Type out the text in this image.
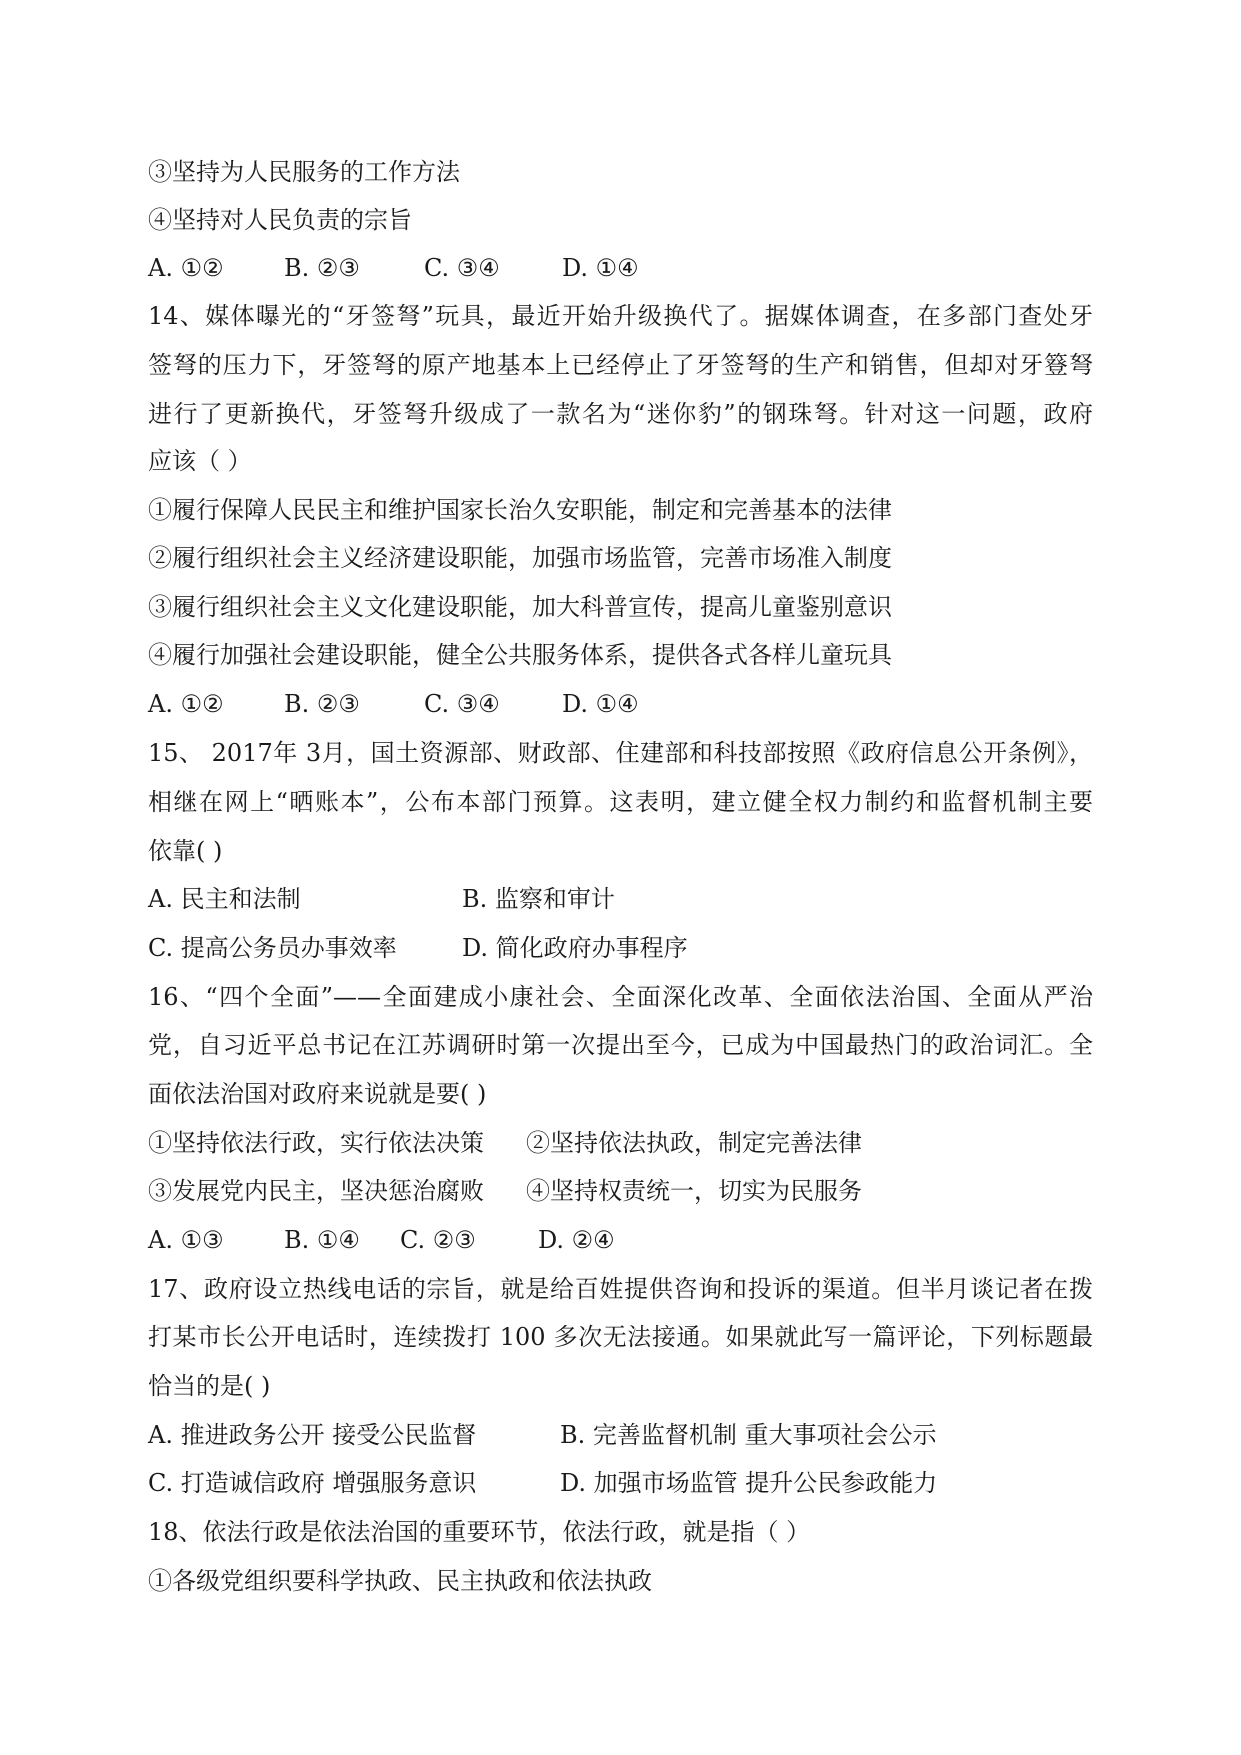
③坚持为人民服务的工作方法
④坚持对人民负责的宗旨
A. ①②	B. ②③	C. ③④	D. ①④
14、媒体曝光的“牙签弩”玩具，最近开始升级换代了。据媒体调查，在多部门查处牙
签弩的压力下，牙签弩的原产地基本上已经停止了牙签弩的生产和销售，但却对牙簦弩
进行了更新换代，牙签弩升级成了一款名为“迷你豹”的钢珠弩。针对这一问题，政府
应该（ ）
①履行保障人民民主和维护国家长治久安职能，制定和完善基本的法律
②履行组织社会主义经济建设职能，加强市场监管，完善市场准入制度
③履行组织社会主义文化建设职能，加大科普宣传，提高儿童鉴别意识
④履行加强社会建设职能，健全公共服务体系，提供各式各样儿童玩具
A. ①②	B. ②③	C. ③④	D. ①④
15、 2017年 3月，国土资源部、财政部、住建部和科技部按照《政府信息公开条例》，
相继在网上“晒账本”，公布本部门预算。这表明，建立健全权力制约和监督机制主要
依靠( )
A. 民主和法制	B. 监察和审计
C. 提高公务员办事效率	D. 简化政府办事程序
16、“四个全面”——全面建成小康社会、全面深化改革、全面依法治国、全面从严治
党，自习近平总书记在江苏调研时第一次提出至今，已成为中国最热门的政治词汇。全
面依法治国对政府来说就是要( )
①坚持依法行政，实行依法决策 ②坚持依法执政，制定完善法律
③发展党内民主，坚决惩治腐败 ④坚持权责统一，切实为民服务
A. ①③	B. ①④ C. ②③	D. ②④
17、政府设立热线电话的宗旨，就是给百姓提供咨询和投诉的渠道。但半月谈记者在拨
打某市长公开电话时，连续拨打 100 多次无法接通。如果就此写一篇评论，下列标题最
恰当的是( )
A. 推进政务公开 接受公民监督	B. 完善监督机制 重大事项社会公示
C. 打造诚信政府 增强服务意识	D. 加强市场监管 提升公民参政能力
18、依法行政是依法治国的重要环节，依法行政，就是指（ ）
①各级党组织要科学执政、民主执政和依法执政
